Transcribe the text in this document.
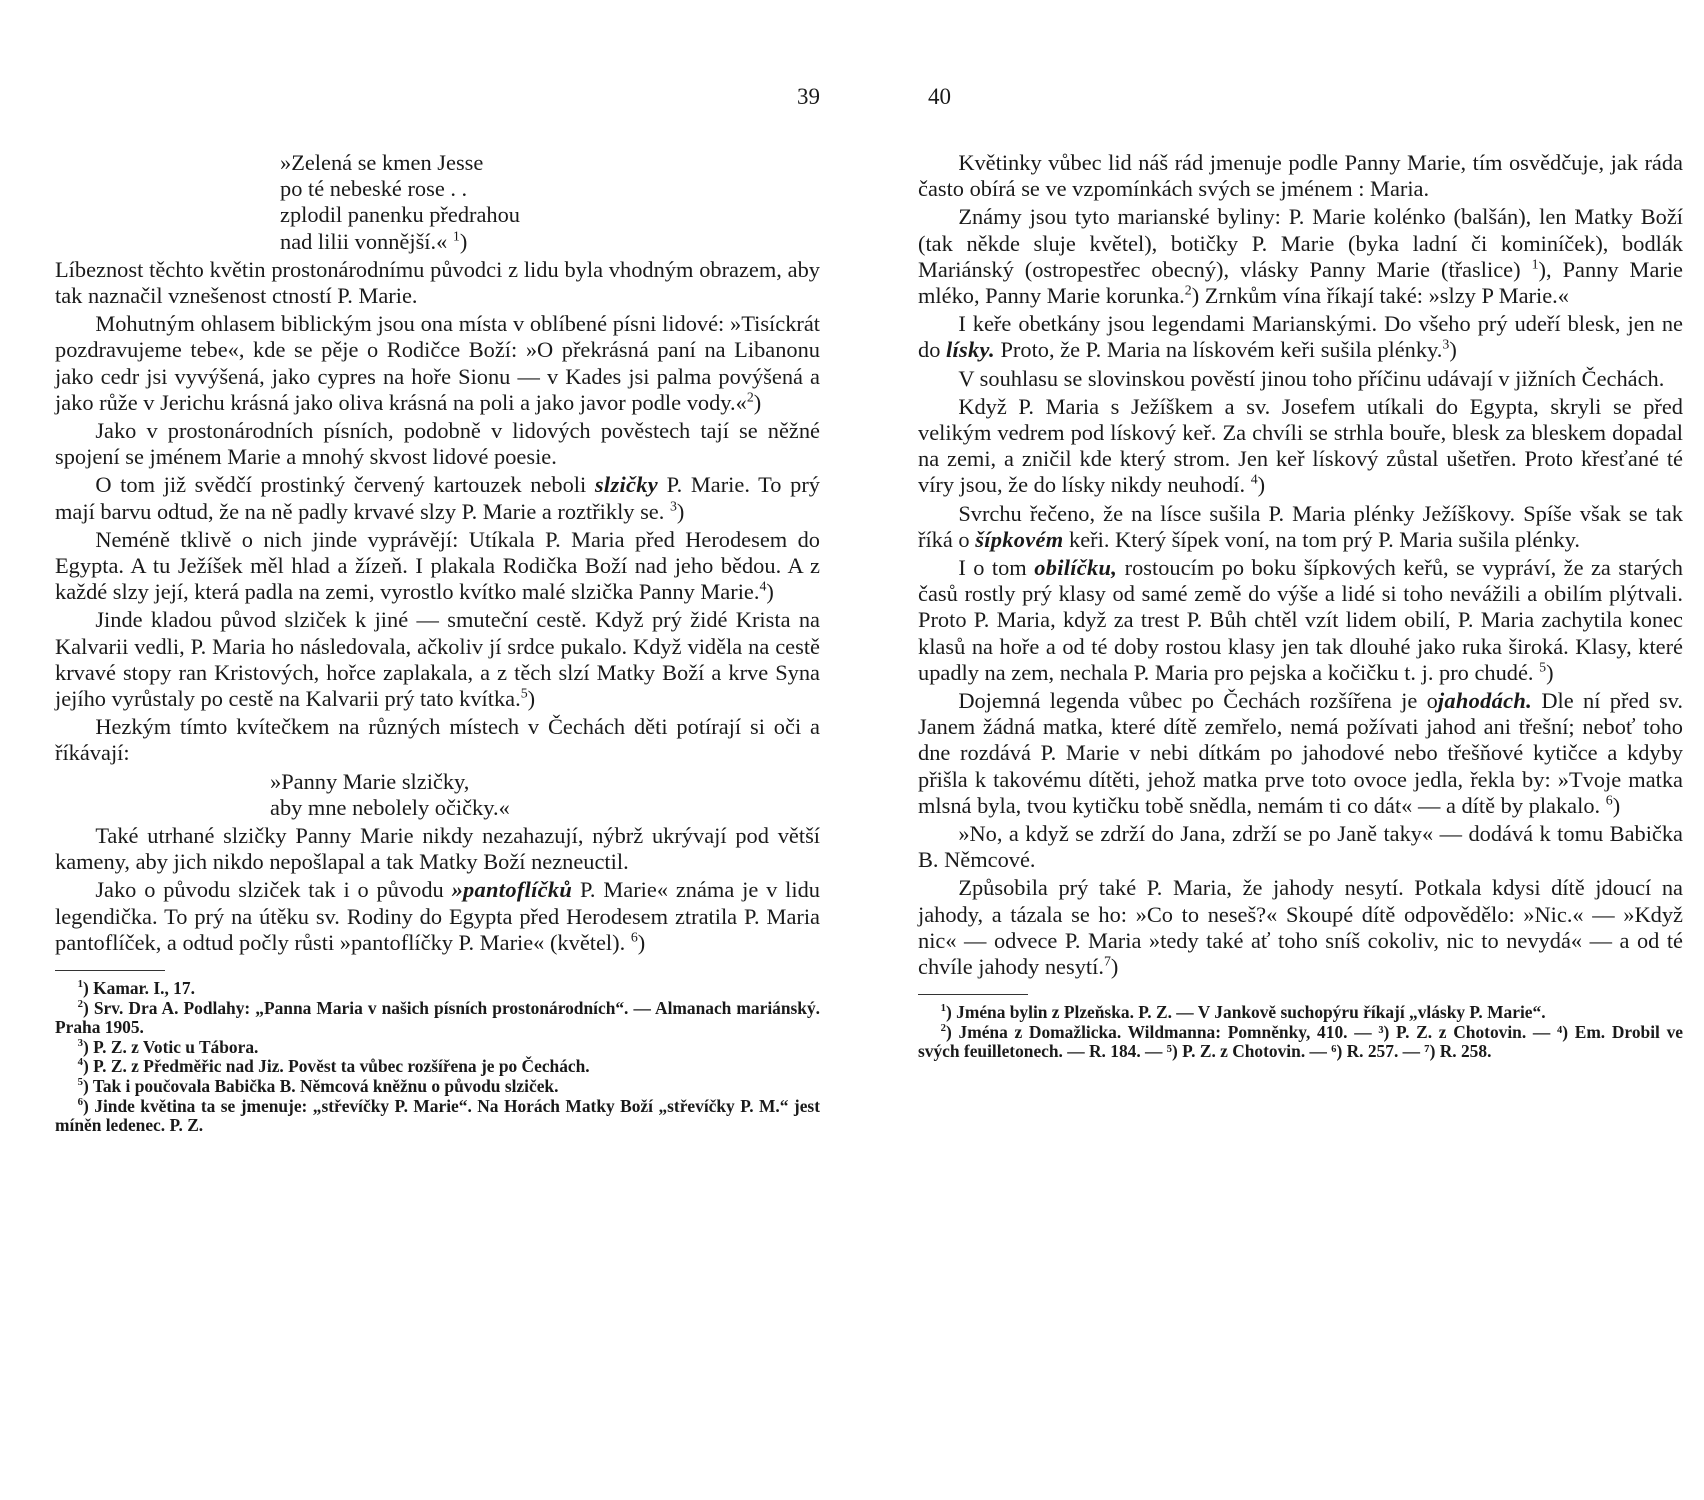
39
»Zelená se kmen Jesse
po té nebeské rose . .
zplodil panenku předrahou
nad lilii vonnější.« $^1$)

Líbeznost těchto květin prostonárodnímu původci z lidu byla vhodným obrazem, aby tak naznačil vznešenost ctností P. Marie.

Mohutným ohlasem biblickým jsou ona místa v oblíbené písni lidové: »Tisíckrát pozdravujeme tebe«, kde se pěje o Rodičce Boží: »O překrásná paní na Libanonu jako cedr jsi vyvýšená, jako cypres na hoře Sionu — v Kades jsi palma povýšená a jako růže v Jerichu krásná jako oliva krásná na poli a jako javor podle vody.«$^2$)

Jako v prostonárodních písních, podobně v lidových pověstech tají se něžné spojení se jménem Marie a mnohý skvost lidové poesie.

O tom již svědčí prostinký červený kartouzek neboli slzičky P. Marie. To prý mají barvu odtud, že na ně padly krvavé slzy P. Marie a roztřikly se. $^3$)

Neméně tklivě o nich jinde vyprávějí: Utíkala P. Maria před Herodesem do Egypta. A tu Ježíšek měl hlad a žízeň. I plakala Rodička Boží nad jeho bědou. A z každé slzy její, která padla na zemi, vyrostlo kvítko malé slzička Panny Marie.$^4$)

Jinde kladou původ slziček k jiné — smuteční cestě. Když prý židé Krista na Kalvarii vedli, P. Maria ho následovala, ačkoliv jí srdce pukalo. Když viděla na cestě krvavé stopy ran Kristových, hořce zaplakala, a z těch slzí Matky Boží a krve Syna jejího vyrůstaly po cestě na Kalvarii prý tato kvítka.$^5$)

Hezkým tímto kvítečkem na různých místech v Čechách děti potírají si oči a říkávají:

»Panny Marie slzičky,
aby mne nebolely očičky.«

Také utrhané slzičky Panny Marie nikdy nezahazují, nýbrž ukrývají pod větší kameny, aby jich nikdo nepošlapal a tak Matky Boží nezneuctil.

Jako o původu slziček tak i o původu »pantoflíčků P. Marie« známa je v lidu legendička. To prý na útěku sv. Rodiny do Egypta před Herodesem ztratila P. Maria pantoflíček, a odtud počly růsti »pantoflíčky P. Marie« (květel). $^6$)

$^1$) Kamar. I., 17.

$^2$) Srv. Dra A. Podlahy: „Panna Maria v našich písních prostonárodních“. — Almanach mariánský. Praha 1905.

$^3$) P. Z. z Votic u Tábora.

$^4$) P. Z. z Předměřic nad Jiz. Pověst ta vůbec rozšířena je po Čechách.

$^5$) Tak i poučovala Babička B. Němcová kněžnu o původu slziček.

$^6$) Jinde květina ta se jmenuje: „střevíčky P. Marie“. Na Horách Matky Boží „střevíčky P. M.“ jest míněn ledenec. P. Z.

40

Květinky vůbec lid náš rád jmenuje podle Panny Marie, tím osvědčuje, jak ráda často obírá se ve vzpomínkách svých se jménem : Maria.

Známy jsou tyto marianské byliny: P. Marie kolénko (balšán), len Matky Boží (tak někde sluje květel), botičky P. Marie (byka ladní či kominíček), bodlák Mariánský (ostropestřec obecný), vlásky Panny Marie (třaslice) $^1$), Panny Marie mléko, Panny Marie korunka.$^2$) Zrnkům vína říkají také: »slzy P Marie.«

I keře obetkány jsou legendami Marianskými. Do všeho prý udeří blesk, jen ne do lísky. Proto, že P. Maria na lískovém keři sušila plénky.$^3$)

V souhlasu se slovinskou pověstí jinou toho příčinu udávají v jižních Čechách.

Když P. Maria s Ježíškem a sv. Josefem utíkali do Egypta, skryli se před velikým vedrem pod lískový keř. Za chvíli se strhla bouře, blesk za bleskem dopadal na zemi, a zničil kde který strom. Jen keř lískový zůstal ušetřen. Proto křesťané té víry jsou, že do lísky nikdy neuhodí. $^4$)

Svrchu řečeno, že na lísce sušila P. Maria plénky Ježíškovy. Spíše však se tak říká o šípkovém keři. Který šípek voní, na tom prý P. Maria sušila plénky.

I o tom obilíčku, rostoucím po boku šípkových keřů, se vypráví, že za starých časů rostly prý klasy od samé země do výše a lidé si toho nevážili a obilím plýtvali. Proto P. Maria, když za trest P. Bůh chtěl vzít lidem obilí, P. Maria zachytila konec klasů na hoře a od té doby rostou klasy jen tak dlouhé jako ruka široká. Klasy, které upadly na zem, nechala P. Maria pro pejska a kočičku t. j. pro chudé. $^5$)

Dojemná legenda vůbec po Čechách rozšířena je ojahodách. Dle ní před sv. Janem žádná matka, které dítě zemřelo, nemá požívati jahod ani třešní; neboť toho dne rozdává P. Marie v nebi dítkám po jahodové nebo třešňové kytičce a kdyby přišla k takovému dítěti, jehož matka prve toto ovoce jedla, řekla by: »Tvoje matka mlsná byla, tvou kytičku tobě snědla, nemám ti co dát« — a dítě by plakalo. $^6$)

»No, a když se zdrží do Jana, zdrží se po Janě taky« — dodává k tomu Babička B. Němcové.

Způsobila prý také P. Maria, že jahody nesytí. Potkala kdysi dítě jdoucí na jahody, a tázala se ho: »Co to neseš?« Skoupé dítě odpovědělo: »Nic.« — »Když nic« — odvece P. Maria »tedy také ať toho sníš cokoliv, nic to nevydá« — a od té chvíle jahody nesytí.$^7$)

$^1$) Jména bylin z Plzeňska. P. Z. — V Jankově suchopýru říkají „vlásky P. Marie“.

$^2$) Jména z Domažlicka. Wildmanna: Pomněnky, 410. — ³) P. Z. z Chotovin. — ⁴) Em. Drobil ve svých feuilletonech. — R. 184. — ⁵) P. Z. z Chotovin. — ⁶) R. 257. — ⁷) R. 258.
